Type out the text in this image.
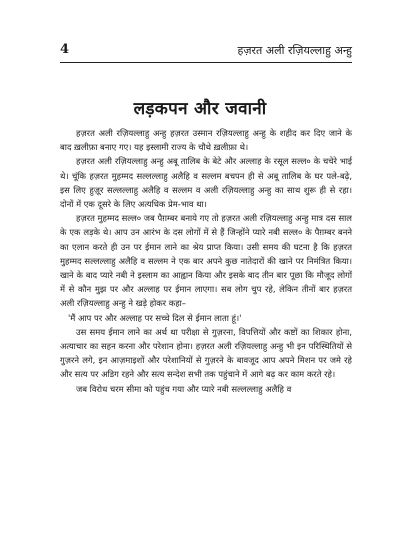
4	हज़रत अली रज़ियल्लाहु अन्हु
लड़कपन और जवानी

हज़रत अली रज़ियल्लाहु अन्हु हज़रत उस्मान रज़ियल्लाहु अन्हु के शहीद कर दिए जाने के बाद ख़लीफ़ा बनाए गए। यह इस्लामी राज्य के चौथे ख़लीफ़ा थे।

हज़रत अली रज़ियल्लाहु अन्हु अबू तालिब के बेटे और अल्लाह के रसूल सल्ल० के चचेरे भाई थे। चूंकि हज़रत मुहम्मद सल्लल्लाहु अलैहि व सल्लम बचपन ही से अबू तालिब के घर पले-बढ़े, इस लिए हुज़ूर सल्लल्लाहु अलैहि व सल्लम व अली रज़ियल्लाहु अन्हु का साथ शुरू ही से रहा। दोनों में एक दूसरे के लिए अत्यधिक प्रेम-भाव था।

हज़रत मुहम्मद सल्ल० जब पैग़म्बर बनाये गए तो हज़रत अली रज़ियल्लाहु अन्हु मात्र दस साल के एक लड़के थे। आप उन आरंभ के दस लोगों में से हैं जिन्होंने प्यारे नबी सल्ल० के पैग़म्बर बनने का एलान करते ही उन पर ईमान लाने का श्रेय प्राप्त किया। उसी समय की घटना है कि हज़रत मुहम्मद सल्लल्लाहु अलैहि व सल्लम ने एक बार अपने कुछ नातेदारों की खाने पर निमंत्रित किया। खाने के बाद प्यारे नबी ने इस्लाम का आह्वान किया और इसके बाद तीन बार पूछा कि मौजूद लोगों में से कौन मुझ पर और अल्लाह पर ईमान लाएगा। सब लोग चुप रहे, लेकिन तीनों बार हज़रत अली रज़ियल्लाहु अन्हु ने खड़े होकर कहा–

'मैं आप पर और अल्लाह पर सच्चे दिल से ईमान लाता हूं।'

उस समय ईमान लाने का अर्थ था परीक्षा से गुज़रना, विपत्तियों और कष्टों का शिकार होना, अत्याचार का सहन करना और परेशान होना। हज़रत अली रज़ियल्लाहु अन्हु भी इन परिस्थितियों से गुज़रने लगे, इन आज़माइशों और परेशानियों से गुज़रने के बावजूद आप अपने मिशन पर जमे रहे और सत्य पर अडिग रहने और सत्य सन्देश सभी तक पहुंचाने में आगे बढ़ कर काम करते रहे।

जब विरोध चरम सीमा को पहुंच गया और प्यारे नबी सल्लल्लाहु अलैहि व
